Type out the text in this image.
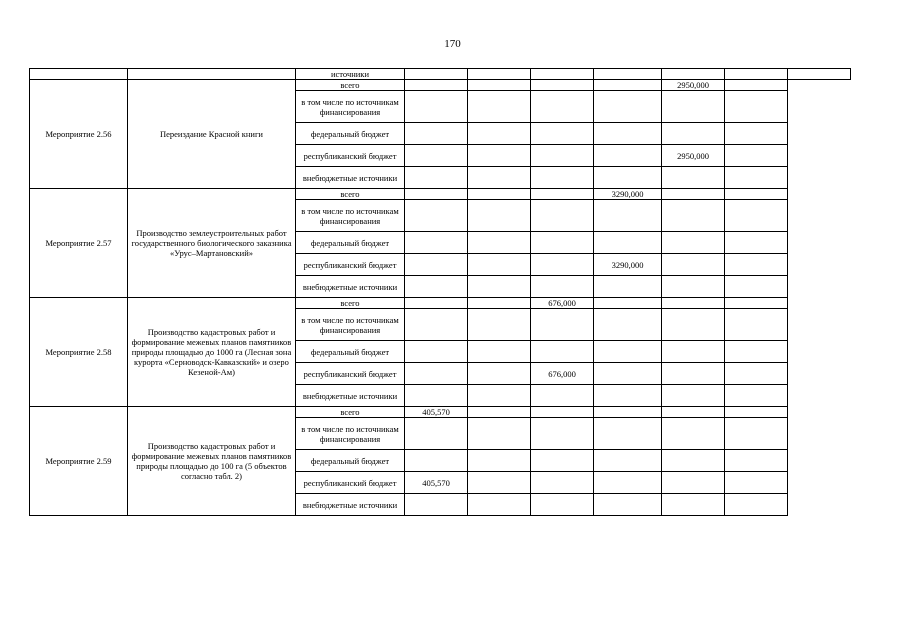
170
		источники							
Мероприятие 2.56	Переиздание Красной книги	всего					2950,000		
		в том числе по источникам финансирования							
		федеральный бюджет							
		республиканский бюджет					2950,000		
		внебюджетные источники							
Мероприятие 2.57	Производство землеустроительных работ государственного биологического заказника «Урус–Мартановский»	всего				3290,000			
		в том числе по источникам финансирования							
		федеральный бюджет							
		республиканский бюджет				3290,000			
		внебюджетные источники							
Мероприятие 2.58	Производство кадастровых работ и формирование межевых планов памятников природы площадью до 1000 га (Лесная зона курорта «Серноводск-Кавказский» и озеро Кезеной-Ам)	всего			676,000				
		в том числе по источникам финансирования							
		федеральный бюджет							
		республиканский бюджет			676,000				
		внебюджетные источники							
Мероприятие 2.59	Производство кадастровых работ и формирование межевых планов памятников природы площадью до 100 га (5 объектов согласно табл. 2)	всего	405,570						
		в том числе по источникам финансирования							
		федеральный бюджет							
		республиканский бюджет	405,570						
		внебюджетные источники							
